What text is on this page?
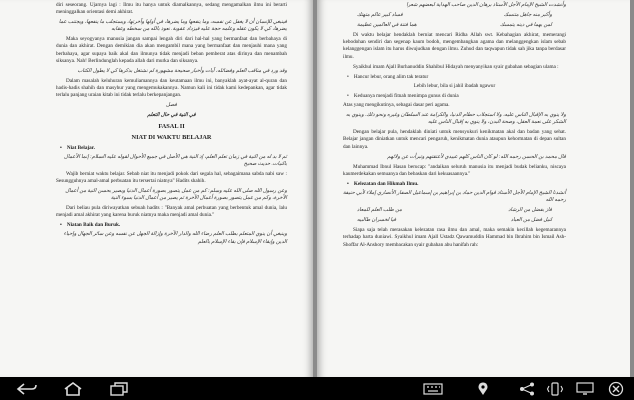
diri seseorang. Ujarnya lagi : Ilmu itu hanya untuk diamalkannya, sedang mengamalkan ilmu ini berarti meninggalkan orientasi demi akhirat.

فينبغي للإنسان أن لا يغفل عن نفسه، وما ينفعها وما يضرها، في أولها وآخرتها، ويستجلب ما ينفعها، ويجتنب عما يضرها، كي لا يكون عقله وعلمه حجة عليه فيزداد عقوبة. نعوذ بالله من سخطه وعقابه

Maka seyogyanya manusia jangan sampai lengah diri dari hal-hal yang bermanfaat dan berbahaya di dunia dan akhirat. Dengan demikian dia akan mengambil mana yang bermanfaat dan menjauhi mana yang berbahaya, agar supaya baik akal dan ilmunya tidak menjadi beban pemberat atas dirinya dan menambah siksanya. Nah! Berlindunglah kepada allah dari murka dan siksanya.

وقد ورد في مناقب العلم وفضائله، آيات وأخبار صحيحة مشهورة لم نشتغل بذكرها كي لا يطول الكتاب

Dalam masalah keluhuran kemuliamannya dan keutamaan ilmu ini, banyaklah ayat-ayat al-quran dan hadis-hadis shahih dan masyhur yang mengemukakannya. Namun kali ini tidak kami kedepankan, agar tidak terlalu panjang uraian kitab ini tidak terlalu berkepanjangan.

فصل

في النية في حال التعلم

FASAL II
NIAT DI WAKTU BELAJAR
• Niat Belajar.

ثم لا بد له من النية في زمان تعلم العلم، إذ النية هي الأصل في جميع الأحوال لقوله عليه السلام: إنما الأعمال بالنيات. حديث صحيح

Wajib berniat waktu belajar. Sebab niat itu menjadi pokok dari segala hal, sebagaimana sabda nabi saw : Sesungguhnya amal-amal perbuatan itu tersertai niatnya" Hadits shahih.

وعن رسول الله صلى الله عليه وسلم: كم من عمل يتصور بصورة أعمال الدنيا ويصير بحسن النية من أعمال الآخرة، وكم من عمل يتصور بصورة أعمال الآخرة ثم يصير من أعمال الدنيا بسوء النية

Dari beliau pula diriwayatkan sebuah hadits : "Banyak amal perbuatan yang berbentuk amal dunia, lalu menjadi amal akhirat yang karena buruk niatnya maka menjadi amal dunia."

• Niatan Baik dan Buruk.

وينبغي أن ينوي المتعلم بطلب العلم رضاء الله والدار الآخرة وإزالة الجهل عن نفسه وعن سائر الجهال وإحياء الدين وإبقاء الإسلام فإن بقاء الإسلام بالعلم

وأنشدت الشيخ الإمام الأجل الأستاذ برهان الدين صاحب الهداية لبعضهم شعرا

وأكبر منه جاهل متنسك
فساد كبير عالم متهتك
لمن بهما في دينه يتمسك
هما فتنة في العالمين عظيمة

Di waktu belajar hendaklah berniat mencari Ridha Allah swt. Kebahagian akhirat, memerangi kebodohan sendiri dan segenap kaum bodoh, mengembangkan agama dan melanggengkan islam sebab kelanggengan islam itu harus diwujudkan dengan ilmu. Zuhud dan taqwapun tidak sah jika tanpa berdasar ilmu.

Syaikhul imam Ajall Burhanuddin Shahibul Hidayah menyanyikan syair gubahan sebagian ulama :

• Hancur lebur, orang alim tak teratur

Lebih lebur, bila si jahil ibadah ngawur

• Keduanya menjadi fitnah menimpa gunus di dunia

Atas yang mengikutinya, sebagai dasar peri agama.

ولا ينوي به الإقبال الناس عليه، ولا استجلاب حطام الدنيا، والكرامة عند السلطان وغيره ونحو ذلك. وينوي به الشكر على نعمة العقل، وصحة البدن، ولا ينوي به إقبال الناس عليه

Dengan belajar pula, hendaklah diniati untuk mensyukuri kenikmatan akal dan badan yang sehat. Belajar jangan diniatkan untuk mencari pengaruh, kenikmatan dunia ataupun kehormatan di depan sultan dan lainnya.

قال محمد بن الحسن رحمه الله: لو كان الناس كلهم عبيدي لأعتقتهم وتبرأت عن ولائهم

Muhammad Ibnul Hasan berucap: "andaikan seluruh manusia itu menjadi budak belianku, niscaya kaumerdekakan semuanya dan bebaskan dari kekuasaannya."

• Kelezatan dan Hikmah Ilmu.

أنشدنا الشيخ الإمام الأجل الأستاذ قوام الدين حماد بن إبراهيم بن إسماعيل الصفار الأنصاري إملاء لأبي حنيفة رحمه الله

فاز بفضل من الرشاد
من طلب العلم للمعاد
لنيل فضل من العباد
فيا لخسران طالبيه

Siapa saja telah merasakan kelezatan rasa ilmu dan amal, maka semakin kecillah kegemarannya terhadap harta duniawi. Syaikhul imam Ajall Ustadz Qawamuddin Hammad bin Ibrahim bin Ismail Ash-Shoffar Al-Anshory membacakan syair gubahan abu hanifah rah:
